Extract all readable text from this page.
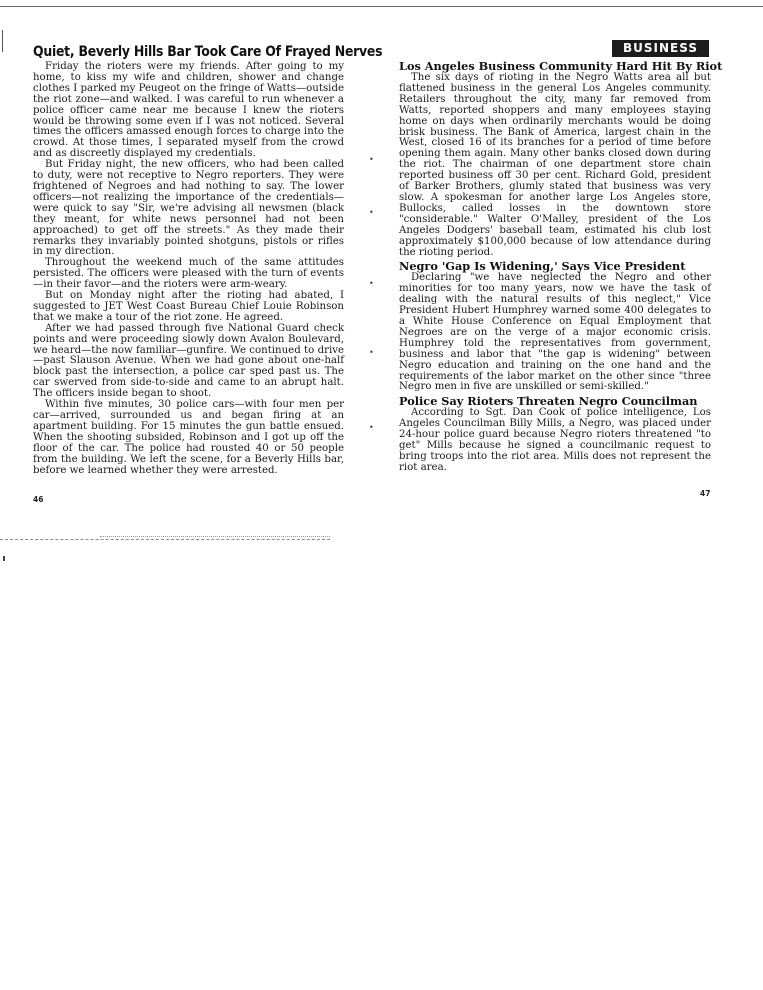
Quiet, Beverly Hills Bar Took Care Of Frayed Nerves

Friday the rioters were my friends. After going to my home, to kiss my wife and children, shower and change clothes I parked my Peugeot on the fringe of Watts—outside the riot zone—and walked. I was careful to run whenever a police officer came near me because I knew the rioters would be throwing some even if I was not noticed. Several times the officers amassed enough forces to charge into the crowd. At those times, I separated myself from the crowd and as discreetly displayed my credentials.

But Friday night, the new officers, who had been called to duty, were not receptive to Negro reporters. They were frightened of Negroes and had nothing to say. The lower officers—not realizing the importance of the credentials—were quick to say "Sir, we're advising all newsmen (black they meant, for white news personnel had not been approached) to get off the streets." As they made their remarks they invariably pointed shotguns, pistols or rifles in my direction.

Throughout the weekend much of the same attitudes persisted. The officers were pleased with the turn of events—in their favor—and the rioters were arm-weary.

But on Monday night after the rioting had abated, I suggested to JET West Coast Bureau Chief Louie Robinson that we make a tour of the riot zone. He agreed.

After we had passed through five National Guard check points and were proceeding slowly down Avalon Boulevard, we heard—the now familiar—gunfire. We continued to drive—past Slauson Avenue. When we had gone about one-half block past the intersection, a police car sped past us. The car swerved from side-to-side and came to an abrupt halt. The officers inside began to shoot.

Within five minutes, 30 police cars—with four men per car—arrived, surrounded us and began firing at an apartment building. For 15 minutes the gun battle ensued. When the shooting subsided, Robinson and I got up off the floor of the car. The police had rousted 40 or 50 people from the building. We left the scene, for a Beverly Hills bar, before we learned whether they were arrested.

46
BUSINESS
Los Angeles Business Community Hard Hit By Riot

The six days of rioting in the Negro Watts area all but flattened business in the general Los Angeles community. Retailers throughout the city, many far removed from Watts, reported shoppers and many employees staying home on days when ordinarily merchants would be doing brisk business. The Bank of America, largest chain in the West, closed 16 of its branches for a period of time before opening them again. Many other banks closed down during the riot. The chairman of one department store chain reported business off 30 per cent. Richard Gold, president of Barker Brothers, glumly stated that business was very slow. A spokesman for another large Los Angeles store, Bullocks, called losses in the downtown store "considerable." Walter O'Malley, president of the Los Angeles Dodgers' baseball team, estimated his club lost approximately $100,000 because of low attendance during the rioting period.

Negro 'Gap Is Widening,' Says Vice President

Declaring "we have neglected the Negro and other minorities for too many years, now we have the task of dealing with the natural results of this neglect," Vice President Hubert Humphrey warned some 400 delegates to a White House Conference on Equal Employment that Negroes are on the verge of a major economic crisis. Humphrey told the representatives from government, business and labor that "the gap is widening" between Negro education and training on the one hand and the requirements of the labor market on the other since "three Negro men in five are unskilled or semi-skilled."

Police Say Rioters Threaten Negro Councilman

According to Sgt. Dan Cook of police intelligence, Los Angeles Councilman Billy Mills, a Negro, was placed under 24-hour police guard because Negro rioters threatened "to get" Mills because he signed a councilmanic request to bring troops into the riot area. Mills does not represent the riot area.

47
•
•
•
•
•
